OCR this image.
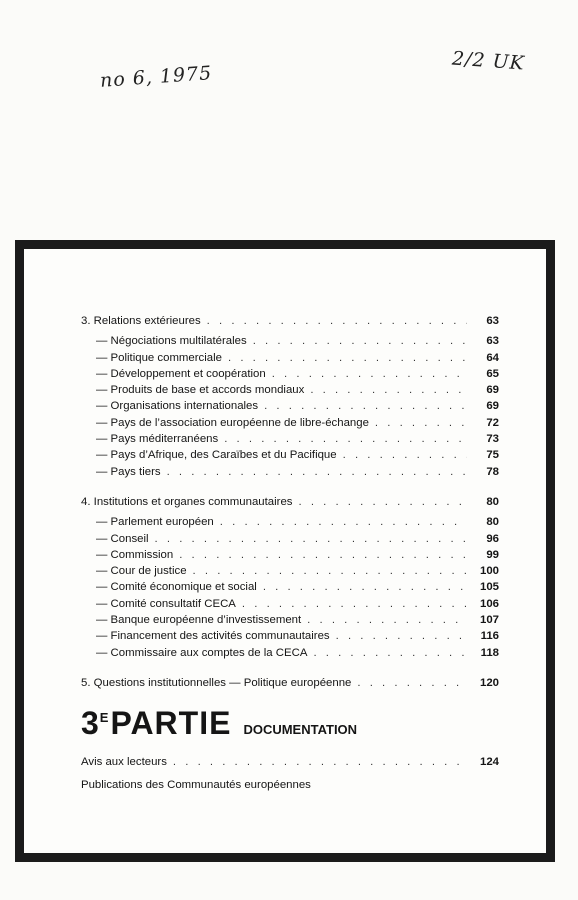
no 6, 1975
2/2 UK
3. Relations extérieures . . .	63
— Négociations multilatérales . . .	63
— Politique commerciale . . .	64
— Développement et coopération . . .	65
— Produits de base et accords mondiaux . . .	69
— Organisations internationales . . .	69
— Pays de l’association européenne de libre-échange . . .	72
— Pays méditerranéens . . .	73
— Pays d’Afrique, des Caraïbes et du Pacifique . . .	75
— Pays tiers . . .	78
4. Institutions et organes communautaires . . .	80
— Parlement européen . . .	80
— Conseil . . .	96
— Commission . . .	99
— Cour de justice . . .	100
— Comité économique et social . . .	105
— Comité consultatif CECA . . .	106
— Banque européenne d’investissement . . .	107
— Financement des activités communautaires . . .	116
— Commissaire aux comptes de la CECA . . .	118
5. Questions institutionnelles — Politique européenne . . .	120
3 E PARTIE DOCUMENTATION
Avis aux lecteurs . . .	124
Publications des Communautés européennes
